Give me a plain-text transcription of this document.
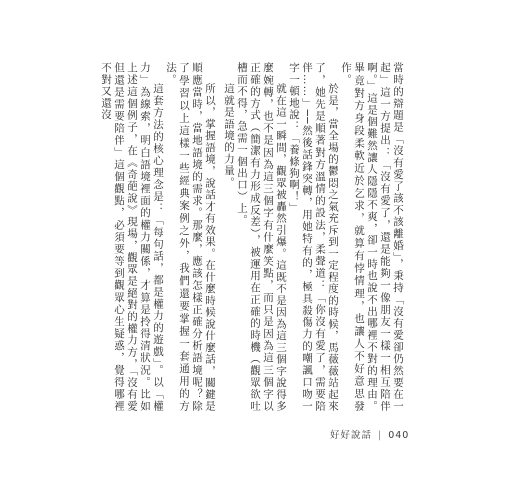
當時的辯題是「沒有愛了該不該離婚」，秉持「沒有愛卻仍然要在一起」這一方提出：「沒有愛了，還是能夠一像朋友一樣一相互陪伴啊。」這是個難然讓人隱隱不爽，卻一時也說不出哪裡不對的理由。畢竟對方身段柔軟近於乞求，就算有悖情理，也讓人不好意思發作。

於是，當全場的鬱悶之氣充斥到一定程度的時候，馬薇薇站起來了，她先是順著對方溫情的設法，柔聲道：「你沒有愛了，需要陪伴……」──然後話鋒突轉，用她特有的，極具殺傷力的嘲諷口吻一字一頓地說：「養條狗啊！」

就在這一瞬間，觀眾被轟然引爆。這既不是因為這三個字說得多麼婉轉，也不是因為這三個字有什麼笑點，而只是因為這三個字以正確的方式（簡潔有力形成反差），被運用在正確的時機（觀眾欲吐槽而不得，急需一個出口）上。

這就是語境的力量。

所以，掌握語境，說話才有效果。在什麼時候說什麼話，關鍵是順應當時，當地語境的需求。那麼，應該怎樣正確分析語境呢？除了學習以上這樣一些經典案例之外，我們還要掌握一套通用的方法。

這套方法的核心理念是：「每句話，都是權力的遊戲」。以「權力」為線索，明白語境裡面的權力關係，才算是拎得清狀況。比如上述這個例子，在《奇葩說》現場，觀眾是絕對的權力方，「沒有愛但還是需要陪伴」這個觀點，必須要等到觀眾心生疑惑，覺得哪裡不對又還沒

好好說話 | 040
